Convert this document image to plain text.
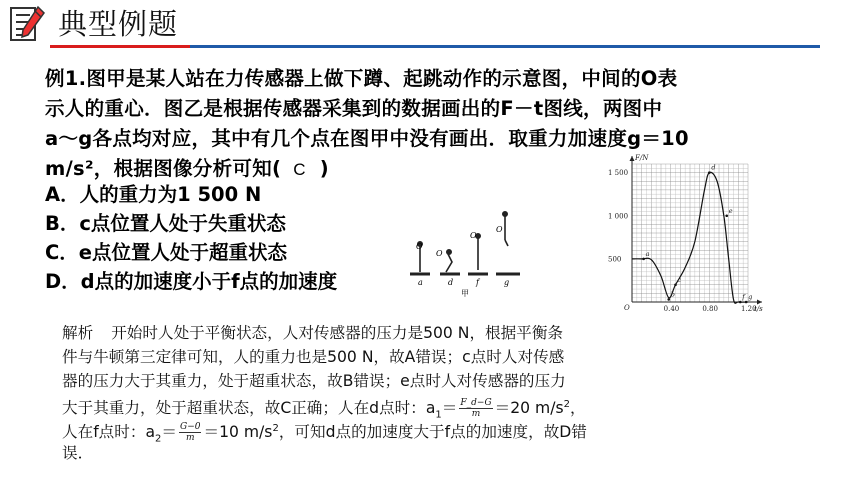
典型例题
例1.图甲是某人站在力传感器上做下蹲、起跳动作的示意图，中间的O表
示人的重心．图乙是根据传感器采集到的数据画出的F－t图线，两图中
a～g各点均对应，其中有几个点在图甲中没有画出．取重力加速度g＝10
m/s²，根据图像分析可知( C )
A．人的重力为1 500 N
B．c点位置人处于失重状态
C．e点位置人处于超重状态
D．d点的加速度小于f点的加速度
O
O
O
O
a	d	f	g
甲
F/N
t/s
O
500
1 000
1 500
0.40	0.80	1.20
a
b
c
d
e
f g
解析 开始时人处于平衡状态，人对传感器的压力是500 N，根据平衡条
件与牛顿第三定律可知，人的重力也是500 N，故A错误；c点时人对传感
器的压力大于其重力，处于超重状态，故B错误；e点时人对传感器的压力
大于其重力，处于超重状态，故C正确；人在d点时：$a_1= \frac{F\_d-G}{m} =20$ $m/s^2$，
人在f点时：$a_2= \frac{G-0}{m} =10$ $m/s^2$，可知d点的加速度大于f点的加速度，故D错
误．
